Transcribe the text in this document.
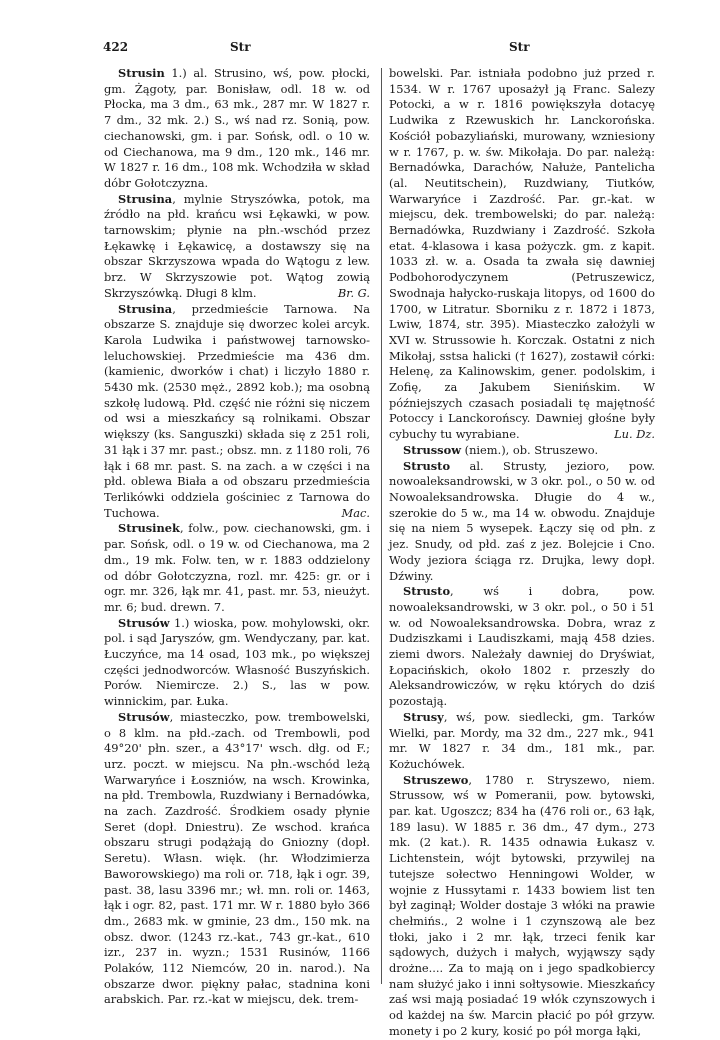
422	Str	Str

Strusin 1.) al. Strusino, wś, pow. płocki, gm. Żągoty, par. Bonisław, odl. 18 w. od Płocka, ma 3 dm., 63 mk., 287 mr. W 1827 r. 7 dm., 32 mk. 2.) S., wś nad rz. Sonią, pow. ciechanowski, gm. i par. Sońsk, odl. o 10 w. od Ciechanowa, ma 9 dm., 120 mk., 146 mr. W 1827 r. 16 dm., 108 mk. Wchodziła w skład dóbr Gołotczyzna.

Strusina, mylnie Stryszówka, potok, ma źródło na płd. krańcu wsi Łękawki, w pow. tarnowskim; płynie na płn.-wschód przez Łękawkę i Łękawicę, a dostawszy się na obszar Skrzyszowa wpada do Wątogu z lew. brz. W Skrzyszowie pot. Wątog zowią Skrzyszówką. Długi 8 klm.	Br. G.

Strusina, przedmieście Tarnowa. Na obszarze S. znajduje się dworzec kolei arcyk. Karola Ludwika i państwowej tarnowsko-leluchowskiej. Przedmieście ma 436 dm. (kamienic, dworków i chat) i liczyło 1880 r. 5430 mk. (2530 męż., 2892 kob.); ma osobną szkołę ludową. Płd. część nie różni się niczem od wsi a mieszkańcy są rolnikami. Obszar większy (ks. Sanguszki) składa się z 251 roli, 31 łąk i 37 mr. past.; obsz. mn. z 1180 roli, 76 łąk i 68 mr. past. S. na zach. a w części i na płd. oblewa Biała a od obszaru przedmieścia Terlikówki oddziela gościniec z Tarnowa do Tuchowa.	Mac.

Strusinek, folw., pow. ciechanowski, gm. i par. Sońsk, odl. o 19 w. od Ciechanowa, ma 2 dm., 19 mk. Folw. ten, w r. 1883 oddzielony od dóbr Gołotczyzna, rozl. mr. 425: gr. or i ogr. mr. 326, łąk mr. 41, past. mr. 53, nieużyt. mr. 6; bud. drewn. 7.

Strusów 1.) wioska, pow. mohylowski, okr. pol. i sąd Jaryszów, gm. Wendyczany, par. kat. Łuczyńce, ma 14 osad, 103 mk., po większej części jednodworców. Własność Buszyńskich. Porów. Niemircze. 2.) S., las w pow. winnickim, par. Łuka.

Strusów, miasteczko, pow. trembowelski, o 8 klm. na płd.-zach. od Trembowli, pod 49°20' płn. szer., a 43°17' wsch. dłg. od F.; urz. poczt. w miejscu. Na płn.-wschód leżą Warwaryńce i Łoszniów, na wsch. Krowinka, na płd. Trembowla, Ruzdwiany i Bernadówka, na zach. Zazdrość. Środkiem osady płynie Seret (dopł. Dniestru). Ze wschod. krańca obszaru strugi podążają do Gniozny (dopł. Seretu). Własn. więk. (hr. Włodzimierza Baworowskiego) ma roli or. 718, łąk i ogr. 39, past. 38, lasu 3396 mr.; wł. mn. roli or. 1463, łąk i ogr. 82, past. 171 mr. W r. 1880 było 366 dm., 2683 mk. w gminie, 23 dm., 150 mk. na obsz. dwor. (1243 rz.-kat., 743 gr.-kat., 610 izr., 237 in. wyzn.; 1531 Rusinów, 1166 Polaków, 112 Niemców, 20 in. narod.). Na obszarze dwor. piękny pałac, stadnina koni arabskich. Par. rz.-kat w miejscu, dek. trem-

bowelski. Par. istniała podobno już przed r. 1534. W r. 1767 uposażył ją Franc. Salezy Potocki, a w r. 1816 powiększyła dotacyę Ludwika z Rzewuskich hr. Lanckorońska. Kościół pobazyliański, murowany, wzniesiony w r. 1767, p. w. św. Mikołaja. Do par. należą: Bernadówka, Darachów, Nałuże, Pantelicha (al. Neutitschein), Ruzdwiany, Tiutków, Warwaryńce i Zazdrość. Par. gr.-kat. w miejscu, dek. trembowelski; do par. należą: Bernadówka, Ruzdwiany i Zazdrość. Szkoła etat. 4-klasowa i kasa pożyczk. gm. z kapit. 1033 zł. w. a. Osada ta zwała się dawniej Podbohorodyczynem (Petruszewicz, Swodnaja hałycko-ruskaja litopys, od 1600 do 1700, w Litratur. Sborniku z r. 1872 i 1873, Lwiw, 1874, str. 395). Miasteczko założyli w XVI w. Strussowie h. Korczak. Ostatni z nich Mikołaj, sstsa halicki († 1627), zostawił córki: Helenę, za Kalinowskim, gener. podolskim, i Zofię, za Jakubem Sienińskim. W późniejszych czasach posiadali tę majętność Potoccy i Lanckorońscy. Dawniej głośne były cybuchy tu wyrabiane.	Lu. Dz.

Strussow (niem.), ob. Struszewo.

Strusto al. Strusty, jezioro, pow. nowoaleksandrowski, w 3 okr. pol., o 50 w. od Nowoaleksandrowska. Długie do 4 w., szerokie do 5 w., ma 14 w. obwodu. Znajduje się na niem 5 wysepek. Łączy się od płn. z jez. Snudy, od płd. zaś z jez. Bolejcie i Cno. Wody jeziora ściąga rz. Drujka, lewy dopł. Dźwiny.

Strusto, wś i dobra, pow. nowoaleksandrowski, w 3 okr. pol., o 50 i 51 w. od Nowoaleksandrowska. Dobra, wraz z Dudziszkami i Laudiszkami, mają 458 dzies. ziemi dwors. Należały dawniej do Dryświat, Łopacińskich, około 1802 r. przeszły do Aleksandrowiczów, w ręku których do dziś pozostają.

Strusy, wś, pow. siedlecki, gm. Tarków Wielki, par. Mordy, ma 32 dm., 227 mk., 941 mr. W 1827 r. 34 dm., 181 mk., par. Kożuchówek.

Struszewo, 1780 r. Stryszewo, niem. Strussow, wś w Pomeranii, pow. bytowski, par. kat. Ugoszcz; 834 ha (476 roli or., 63 łąk, 189 lasu). W 1885 r. 36 dm., 47 dym., 273 mk. (2 kat.). R. 1435 odnawia Łukasz v. Lichtenstein, wójt bytowski, przywilej na tutejsze sołectwo Henningowi Wolder, w wojnie z Hussytami r. 1433 bowiem list ten był zaginął; Wolder dostaje 3 włóki na prawie chełmińs., 2 wolne i 1 czynszową ale bez tłoki, jako i 2 mr. łąk, trzeci fenik kar sądowych, dużych i małych, wyjąwszy sądy drożne.... Za to mają on i jego spadkobiercy nam służyć jako i inni sołtysowie. Mieszkańcy zaś wsi mają posiadać 19 włók czynszowych i od każdej na św. Marcin płacić po pół grzyw. monety i po 2 kury, kosić po pół morga łąki,
